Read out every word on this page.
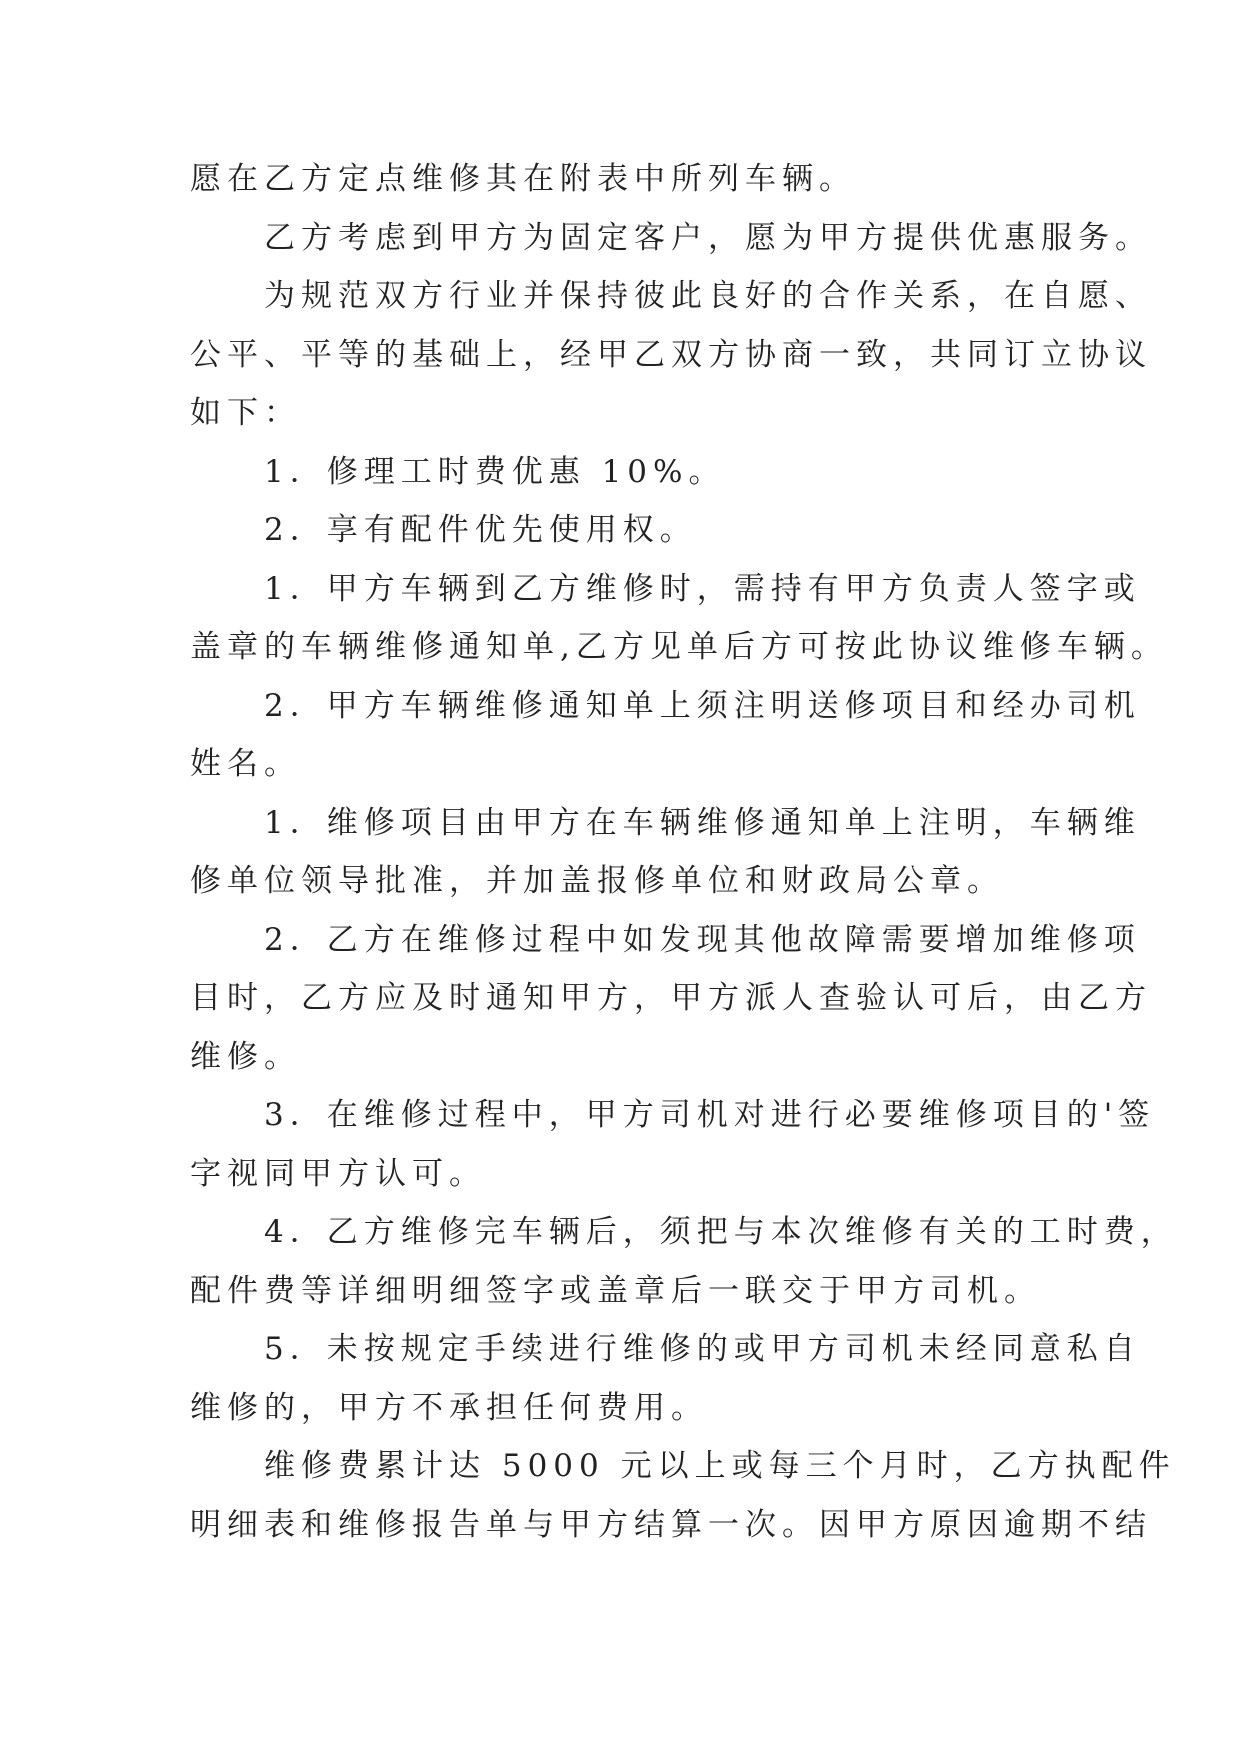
愿在乙方定点维修其在附表中所列车辆。
乙方考虑到甲方为固定客户，愿为甲方提供优惠服务。
为规范双方行业并保持彼此良好的合作关系，在自愿、
公平、平等的基础上，经甲乙双方协商一致，共同订立协议
如下：
1．修理工时费优惠 10%。
2．享有配件优先使用权。
1．甲方车辆到乙方维修时，需持有甲方负责人签字或
盖章的车辆维修通知单,乙方见单后方可按此协议维修车辆。
2．甲方车辆维修通知单上须注明送修项目和经办司机
姓名。
1．维修项目由甲方在车辆维修通知单上注明，车辆维
修单位领导批准，并加盖报修单位和财政局公章。
2．乙方在维修过程中如发现其他故障需要增加维修项
目时，乙方应及时通知甲方，甲方派人查验认可后，由乙方
维修。
3．在维修过程中，甲方司机对进行必要维修项目的'签
字视同甲方认可。
4．乙方维修完车辆后，须把与本次维修有关的工时费，
配件费等详细明细签字或盖章后一联交于甲方司机。
5．未按规定手续进行维修的或甲方司机未经同意私自
维修的，甲方不承担任何费用。
维修费累计达 5000 元以上或每三个月时，乙方执配件
明细表和维修报告单与甲方结算一次。因甲方原因逾期不结
